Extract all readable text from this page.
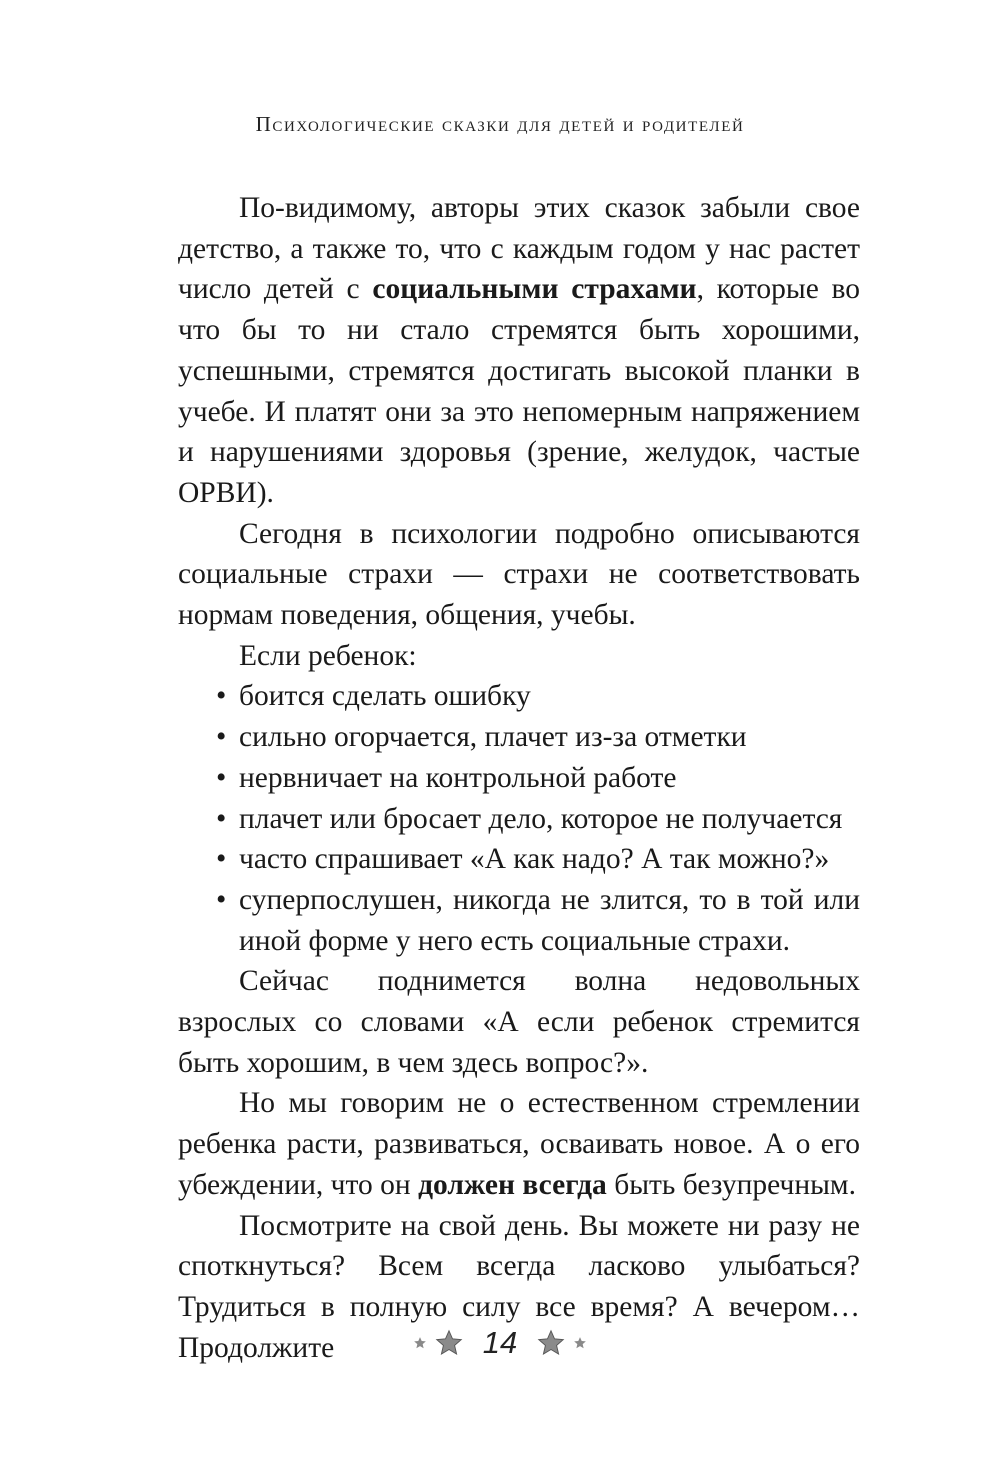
Психологические сказки для детей и родителей

По-видимому, авторы этих сказок забыли свое детство, а также то, что с каждым годом у нас растет число детей с социальными страхами, которые во что бы то ни стало стремятся быть хорошими, успешными, стремятся достигать высокой планки в учебе. И платят они за это непомерным напряжением и нарушениями здоровья (зрение, желудок, частые ОРВИ).

Сегодня в психологии подробно описываются социальные страхи — страхи не соответствовать нормам поведения, общения, учебы.

Если ребенок:

• боится сделать ошибку
• сильно огорчается, плачет из-за отметки
• нервничает на контрольной работе
• плачет или бросает дело, которое не получается
• часто спрашивает «А как надо? А так можно?»
• суперпослушен, никогда не злится, то в той или иной форме у него есть социальные страхи.

Сейчас поднимется волна недовольных взрослых со словами «А если ребенок стремится быть хорошим, в чем здесь вопрос?».

Но мы говорим не о естественном стремлении ребенка расти, развиваться, осваивать новое. А о его убеждении, что он должен всегда быть безупречным.

Посмотрите на свой день. Вы можете ни разу не споткнуться? Всем всегда ласково улыбаться? Трудиться в полную силу все время? А вечером… Продолжите	14
